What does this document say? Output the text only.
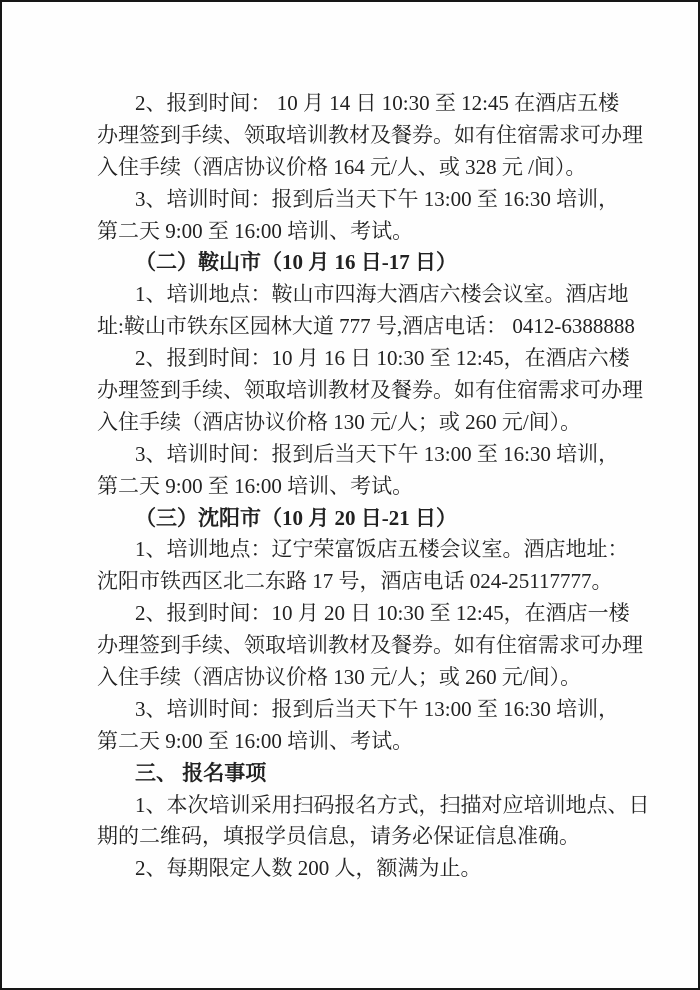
2、报到时间： 10 月 14 日 10:30 至 12:45 在酒店五楼
办理签到手续、领取培训教材及餐券。如有住宿需求可办理
入住手续（酒店协议价格 164 元/人、或 328 元 /间）。
3、培训时间：报到后当天下午 13:00 至 16:30 培训，
第二天 9:00 至 16:00 培训、考试。
（二）鞍山市（10 月 16 日-17 日）
1、培训地点：鞍山市四海大酒店六楼会议室。酒店地
址:鞍山市铁东区园林大道 777 号,酒店电话： 0412-6388888
2、报到时间：10 月 16 日 10:30 至 12:45，在酒店六楼
办理签到手续、领取培训教材及餐券。如有住宿需求可办理
入住手续（酒店协议价格 130 元/人；或 260 元/间）。
3、培训时间：报到后当天下午 13:00 至 16:30 培训，
第二天 9:00 至 16:00 培训、考试。
（三）沈阳市（10 月 20 日-21 日）
1、培训地点：辽宁荣富饭店五楼会议室。酒店地址：
沈阳市铁西区北二东路 17 号，酒店电话 024-25117777。
2、报到时间：10 月 20 日 10:30 至 12:45，在酒店一楼
办理签到手续、领取培训教材及餐券。如有住宿需求可办理
入住手续（酒店协议价格 130 元/人；或 260 元/间）。
3、培训时间：报到后当天下午 13:00 至 16:30 培训，
第二天 9:00 至 16:00 培训、考试。
三、 报名事项
1、本次培训采用扫码报名方式，扫描对应培训地点、日
期的二维码，填报学员信息，请务必保证信息准确。
2、每期限定人数 200 人，额满为止。
